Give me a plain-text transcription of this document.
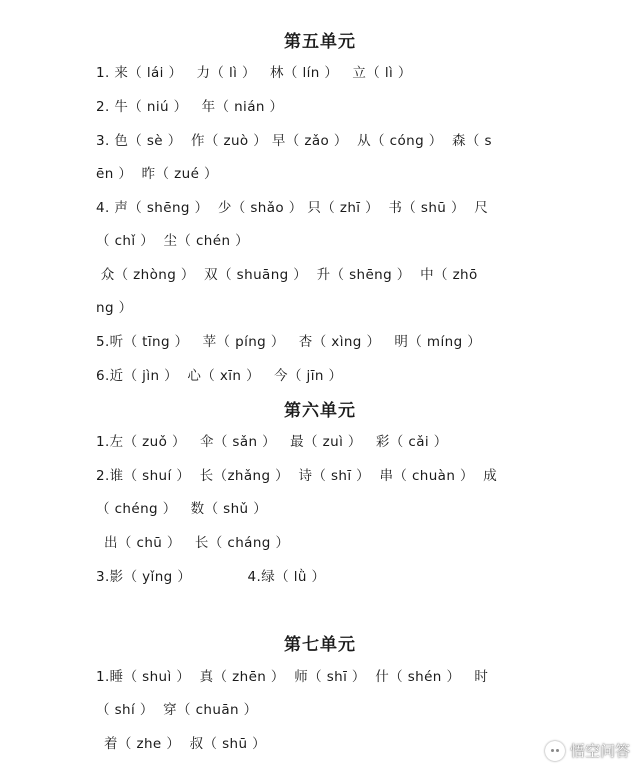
第五单元
1. 来（ lái ）   力（ lì ）   林（ lín ）   立（ lì ）
2. 牛（ niú ）   年（ nián ）
3. 色（ sè ）  作（ zuò ） 早（ zǎo ）  从（ cóng ）  森（ s
ēn ）  昨（ zué ）
4. 声（ shēng ）  少（ shǎo ） 只（ zhī ）  书（ shū ）  尺
（ chǐ ）  尘（ chén ）
众（ zhòng ）  双（ shuāng ）  升（ shēng ）  中（ zhō
ng ）
5.听（ tīng ）   苹（ píng ）   杏（ xìng ）   明（ míng ）
6.近（ jìn ）  心（ xīn ）   今（ jīn ）
第六单元
1.左（ zuǒ ）   伞（ sǎn ）   最（ zuì ）   彩（ cǎi ）
2.谁（ shuí ）  长（zhǎng ）  诗（ shī ）  串（ chuàn ）  成
（ chéng ）   数（ shǔ ）
出（ chū ）   长（ cháng ）
3.影（ yǐng ）            4.绿（ lǜ ）
第七单元
1.睡（ shuì ）  真（ zhēn ）  师（ shī ）  什（ shén ）   时
（ shí ）  穿（ chuān ）
着（ zhe ）  叔（ shū ）	悟空问答
